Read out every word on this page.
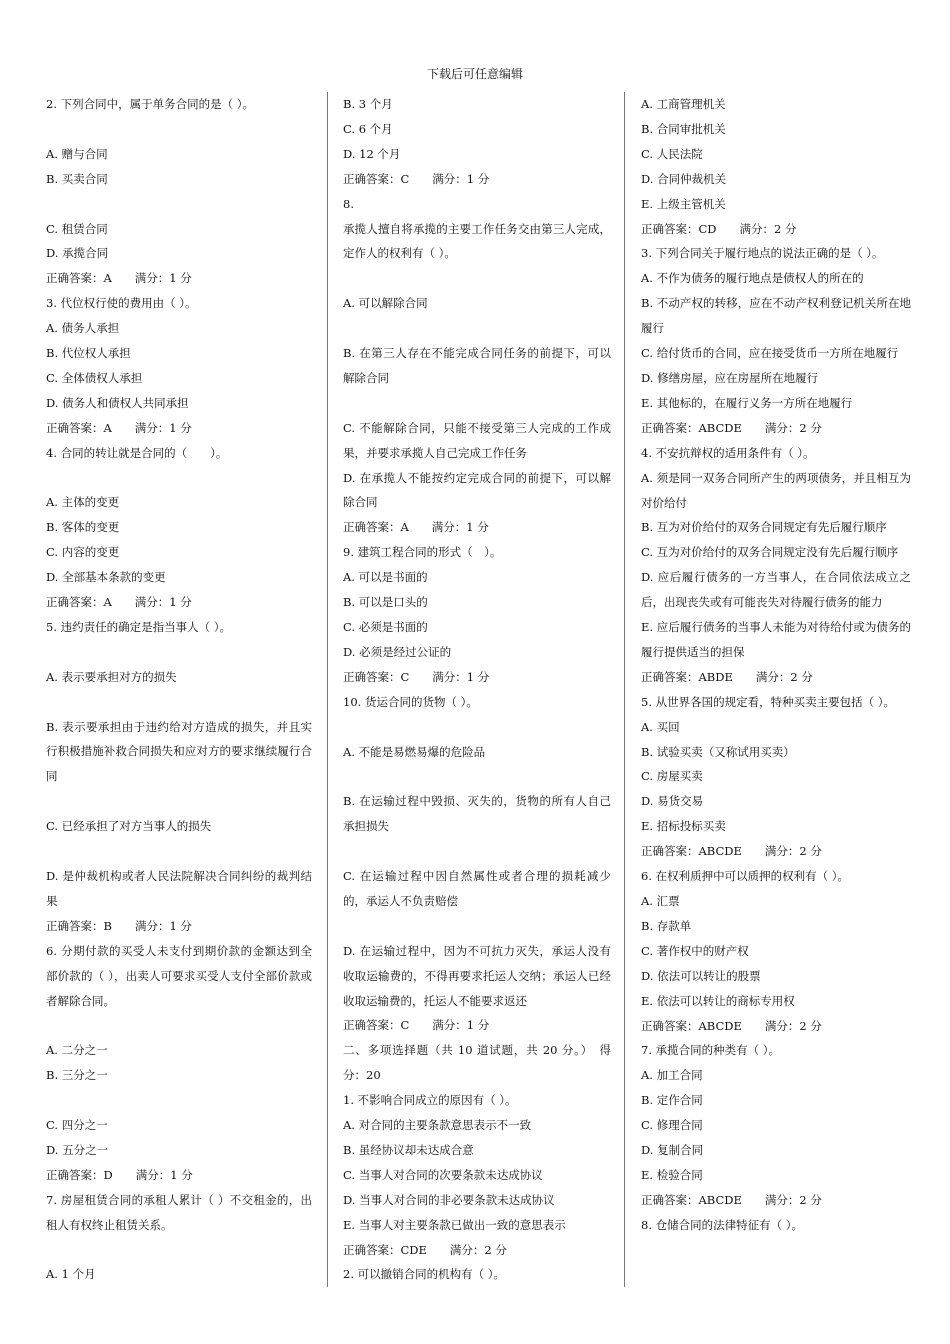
下载后可任意编辑
2. 下列合同中，属于单务合同的是（ ）。
A. 赠与合同
B. 买卖合同
C. 租赁合同
D. 承揽合同
正确答案：A　　满分：1 分
3. 代位权行使的费用由（ ）。
A. 债务人承担
B. 代位权人承担
C. 全体债权人承担
D. 债务人和债权人共同承担
正确答案：A　　满分：1 分
4. 合同的转让就是合同的（　　）。
A. 主体的变更
B. 客体的变更
C. 内容的变更
D. 全部基本条款的变更
正确答案：A　　满分：1 分
5. 违约责任的确定是指当事人（ ）。
A. 表示要承担对方的损失
B. 表示要承担由于违约给对方造成的损失，并且实行积极措施补救合同损失和应对方的要求继续履行合同
C. 已经承担了对方当事人的损失
D. 是仲裁机构或者人民法院解决合同纠纷的裁判结果
正确答案：B　　满分：1 分
6. 分期付款的买受人未支付到期价款的金额达到全部价款的（ ），出卖人可要求买受人支付全部价款或者解除合同。
A. 二分之一
B. 三分之一
C. 四分之一
D. 五分之一
正确答案：D　　满分：1 分
7. 房屋租赁合同的承租人累计（ ）不交租金的，出租人有权终止租赁关系。
A. 1 个月
B. 3 个月
C. 6 个月
D. 12 个月
正确答案：C　　满分：1 分
8.
承揽人擅自将承揽的主要工作任务交由第三人完成，定作人的权利有（ ）。
A. 可以解除合同
B. 在第三人存在不能完成合同任务的前提下，可以解除合同
C. 不能解除合同，只能不接受第三人完成的工作成果，并要求承揽人自己完成工作任务
D. 在承揽人不能按约定完成合同的前提下，可以解除合同
正确答案：A　　满分：1 分
9. 建筑工程合同的形式（　）。
A. 可以是书面的
B. 可以是口头的
C. 必须是书面的
D. 必须是经过公证的
正确答案：C　　满分：1 分
10. 货运合同的货物（ ）。
A. 不能是易燃易爆的危险品
B. 在运输过程中毁损、灭失的，货物的所有人自己承担损失
C. 在运输过程中因自然属性或者合理的损耗减少的，承运人不负责赔偿
D. 在运输过程中，因为不可抗力灭失，承运人没有收取运输费的，不得再要求托运人交纳；承运人已经收取运输费的，托运人不能要求返还
正确答案：C　　满分：1 分
二、多项选择题（共 10 道试题，共 20 分。）　得分：20
1. 不影响合同成立的原因有（ ）。
A. 对合同的主要条款意思表示不一致
B. 虽经协议却未达成合意
C. 当事人对合同的次要条款未达成协议
D. 当事人对合同的非必要条款未达成协议
E. 当事人对主要条款已做出一致的意思表示
正确答案：CDE　　满分：2 分
2. 可以撤销合同的机构有（ ）。
A. 工商管理机关
B. 合同审批机关
C. 人民法院
D. 合同仲裁机关
E. 上级主管机关
正确答案：CD　　满分：2 分
3. 下列合同关于履行地点的说法正确的是（ ）。
A. 不作为债务的履行地点是债权人的所在的
B. 不动产权的转移，应在不动产权利登记机关所在地履行
C. 给付货币的合同，应在接受货币一方所在地履行
D. 修缮房屋，应在房屋所在地履行
E. 其他标的，在履行义务一方所在地履行
正确答案：ABCDE　　满分：2 分
4. 不安抗辩权的适用条件有（ ）。
A. 须是同一双务合同所产生的两项债务，并且相互为对价给付
B. 互为对价给付的双务合同规定有先后履行顺序
C. 互为对价给付的双务合同规定没有先后履行顺序
D. 应后履行债务的一方当事人，在合同依法成立之后，出现丧失或有可能丧失对待履行债务的能力
E. 应后履行债务的当事人未能为对待给付或为债务的履行提供适当的担保
正确答案：ABDE　　满分：2 分
5. 从世界各国的规定看，特种买卖主要包括（ ）。
A. 买回
B. 试验买卖（又称试用买卖）
C. 房屋买卖
D. 易货交易
E. 招标投标买卖
正确答案：ABCDE　　满分：2 分
6. 在权利质押中可以质押的权利有（ ）。
A. 汇票
B. 存款单
C. 著作权中的财产权
D. 依法可以转让的股票
E. 依法可以转让的商标专用权
正确答案：ABCDE　　满分：2 分
7. 承揽合同的种类有（ ）。
A. 加工合同
B. 定作合同
C. 修理合同
D. 复制合同
E. 检验合同
正确答案：ABCDE　　满分：2 分
8. 仓储合同的法律特征有（ ）。
